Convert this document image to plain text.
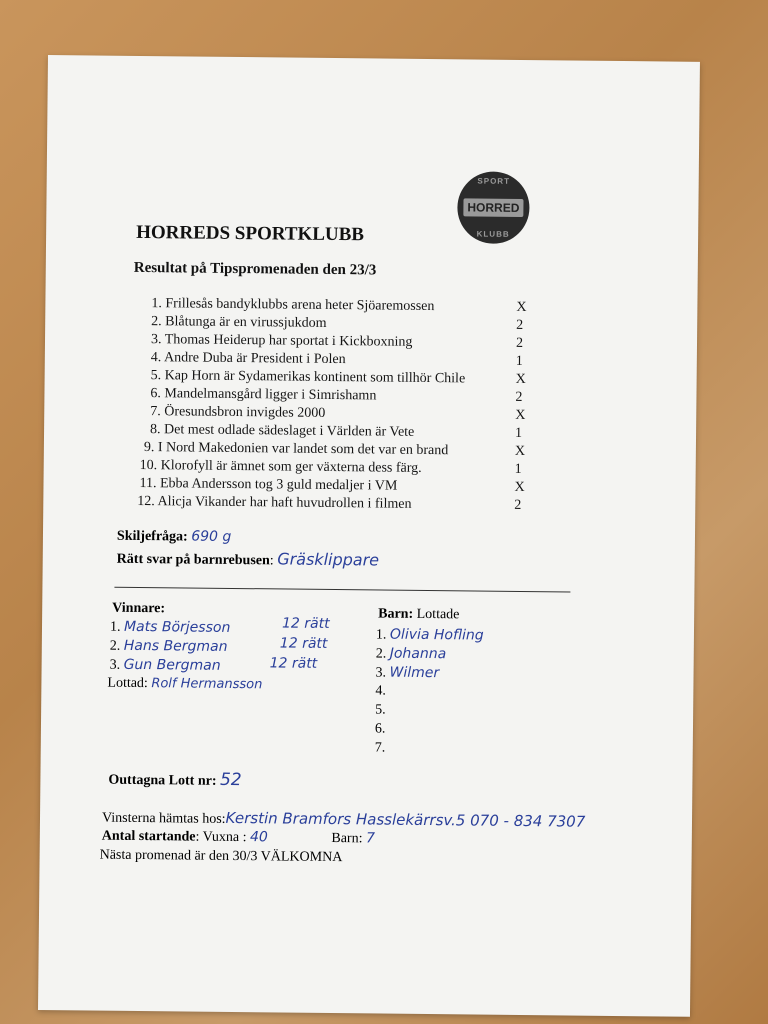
SPORT
HORRED
KLUBB
HORREDS SPORTKLUBB
Resultat på Tipspromenaden den 23/3
1. Frillesås bandyklubbs arena heter Sjöaremossen	X
2. Blåtunga är en virussjukdom	2
3. Thomas Heiderup har sportat i Kickboxning	2
4. Andre Duba är President i Polen	1
5. Kap Horn är Sydamerikas kontinent som tillhör Chile	X
6. Mandelmansgård ligger i Simrishamn	2
7. Öresundsbron invigdes 2000	X
8. Det mest odlade sädeslaget i Världen är Vete	1
9. I Nord Makedonien var landet som det var en brand	X
10. Klorofyll är ämnet som ger växterna dess färg.	1
11. Ebba Andersson tog 3 guld medaljer i VM	X
12. Alicja Vikander har haft huvudrollen i filmen	2
Skiljefråga: 690 g
Rätt svar på barnrebusen: Gräsklippare
Vinnare:
1. Mats Börjesson	12 rätt
2. Hans Bergman	12 rätt
3. Gun Bergman	12 rätt
Lottad: Rolf Hermansson
Barn: Lottade
1. Olivia Hofling
2. Johanna
3. Wilmer
4.
5.
6.
7.
Outtagna Lott nr: 52
Vinsterna hämtas hos:Kerstin Bramfors Hasslekärrsv.5 070 - 834 7307
Antal startande: Vuxna : 40	Barn: 7
Nästa promenad är den 30/3 VÄLKOMNA
